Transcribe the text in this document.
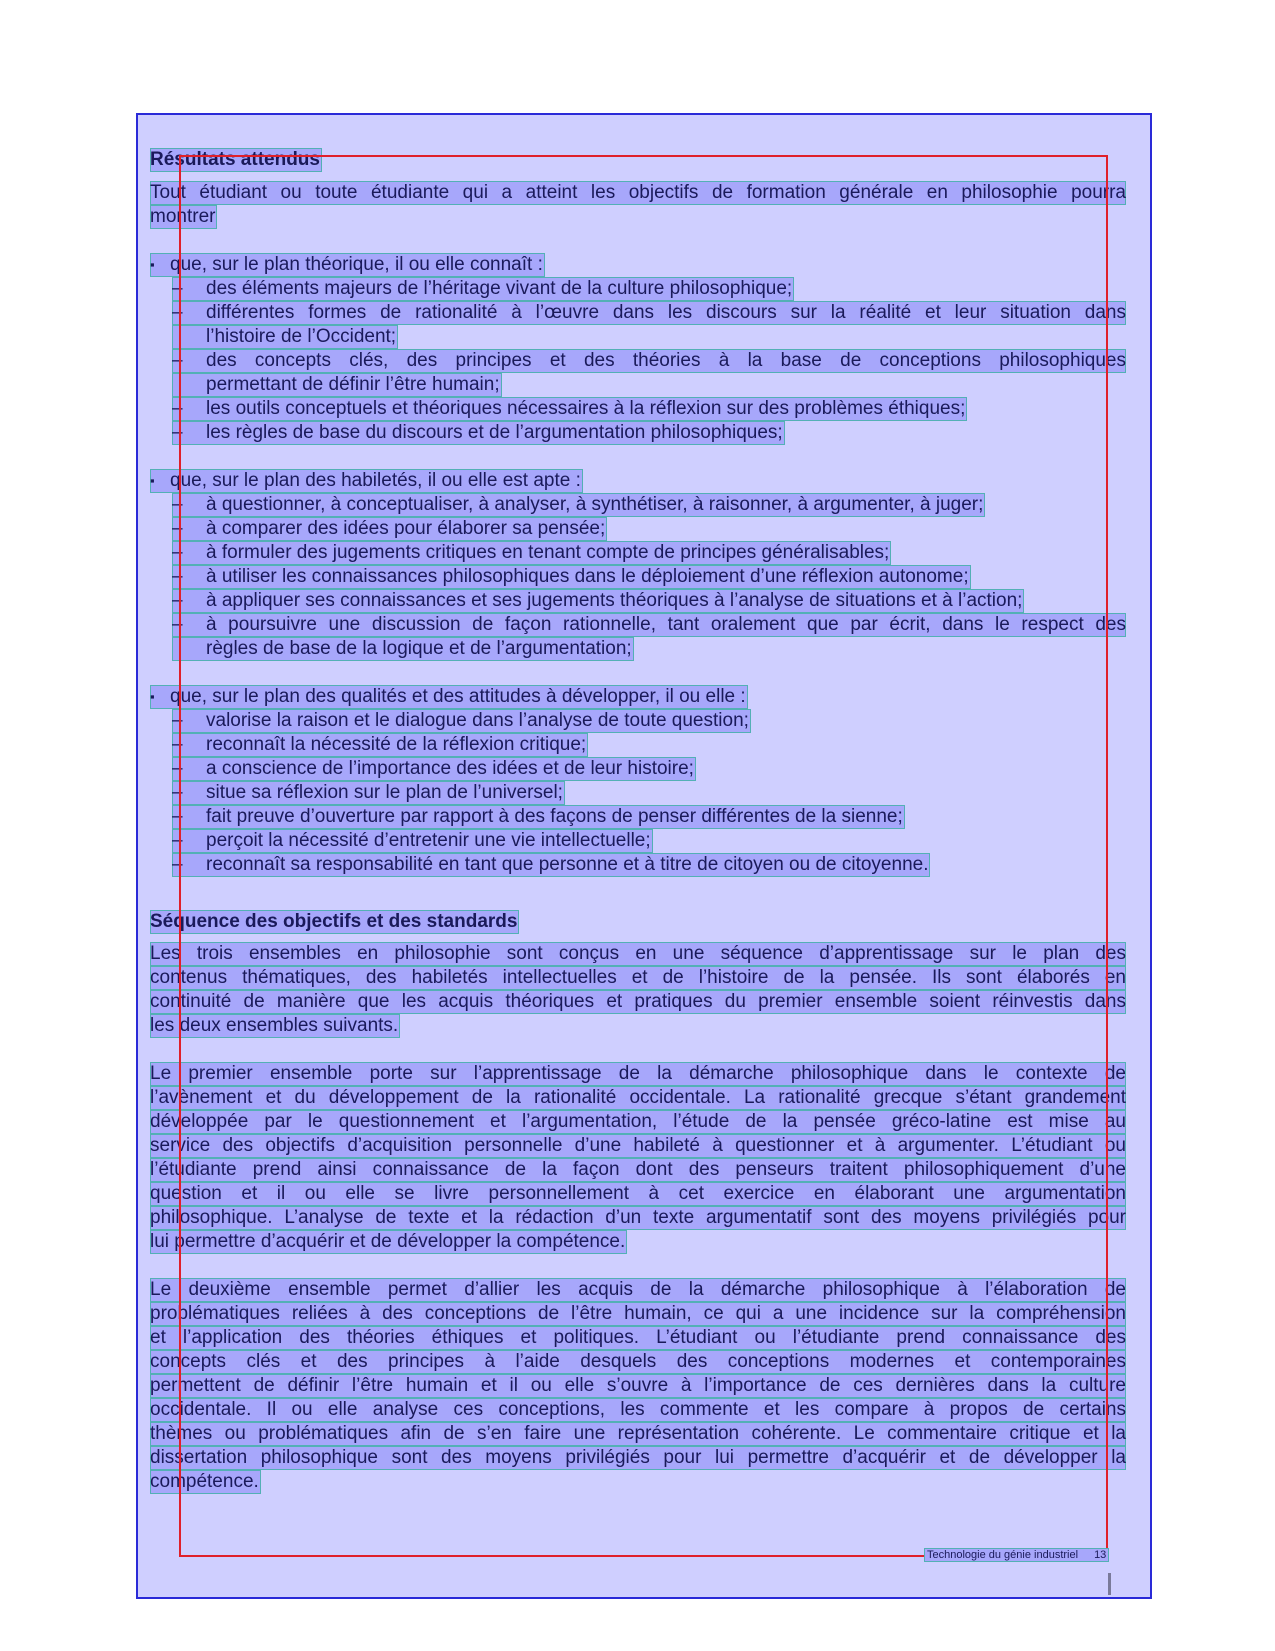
Résultats attendus
Tout étudiant ou toute étudiante qui a atteint les objectifs de formation générale en philosophie pourra
montrer
▪ que, sur le plan théorique, il ou elle connaît :
–	des éléments majeurs de l’héritage vivant de la culture philosophique;
–	différentes formes de rationalité à l’œuvre dans les discours sur la réalité et leur situation dans
l’histoire de l’Occident;
–	des concepts clés, des principes et des théories à la base de conceptions philosophiques
permettant de définir l’être humain;
–	les outils conceptuels et théoriques nécessaires à la réflexion sur des problèmes éthiques;
–	les règles de base du discours et de l’argumentation philosophiques;
▪ que, sur le plan des habiletés, il ou elle est apte :
–	à questionner, à conceptualiser, à analyser, à synthétiser, à raisonner, à argumenter, à juger;
–	à comparer des idées pour élaborer sa pensée;
–	à formuler des jugements critiques en tenant compte de principes généralisables;
–	à utiliser les connaissances philosophiques dans le déploiement d’une réflexion autonome;
–	à appliquer ses connaissances et ses jugements théoriques à l’analyse de situations et à l’action;
–	à poursuivre une discussion de façon rationnelle, tant oralement que par écrit, dans le respect des
règles de base de la logique et de l’argumentation;
▪ que, sur le plan des qualités et des attitudes à développer, il ou elle :
–	valorise la raison et le dialogue dans l’analyse de toute question;
–	reconnaît la nécessité de la réflexion critique;
–	a conscience de l’importance des idées et de leur histoire;
–	situe sa réflexion sur le plan de l’universel;
–	fait preuve d’ouverture par rapport à des façons de penser différentes de la sienne;
–	perçoit la nécessité d’entretenir une vie intellectuelle;
–	reconnaît sa responsabilité en tant que personne et à titre de citoyen ou de citoyenne.
Séquence des objectifs et des standards
Les trois ensembles en philosophie sont conçus en une séquence d’apprentissage sur le plan des
contenus thématiques, des habiletés intellectuelles et de l’histoire de la pensée. Ils sont élaborés en
continuité de manière que les acquis théoriques et pratiques du premier ensemble soient réinvestis dans
les deux ensembles suivants.
Le premier ensemble porte sur l’apprentissage de la démarche philosophique dans le contexte de
l’avènement et du développement de la rationalité occidentale. La rationalité grecque s’étant grandement
développée par le questionnement et l’argumentation, l’étude de la pensée gréco-latine est mise au
service des objectifs d’acquisition personnelle d’une habileté à questionner et à argumenter. L’étudiant ou
l’étudiante prend ainsi connaissance de la façon dont des penseurs traitent philosophiquement d’une
question et il ou elle se livre personnellement à cet exercice en élaborant une argumentation
philosophique. L’analyse de texte et la rédaction d’un texte argumentatif sont des moyens privilégiés pour
lui permettre d’acquérir et de développer la compétence.
Le deuxième ensemble permet d’allier les acquis de la démarche philosophique à l’élaboration de
problématiques reliées à des conceptions de l’être humain, ce qui a une incidence sur la compréhension
et l’application des théories éthiques et politiques. L’étudiant ou l’étudiante prend connaissance des
concepts clés et des principes à l’aide desquels des conceptions modernes et contemporaines
permettent de définir l’être humain et il ou elle s’ouvre à l’importance de ces dernières dans la culture
occidentale. Il ou elle analyse ces conceptions, les commente et les compare à propos de certains
thèmes ou problématiques afin de s’en faire une représentation cohérente. Le commentaire critique et la
dissertation philosophique sont des moyens privilégiés pour lui permettre d’acquérir et de développer la
compétence.
Technologie du génie industriel 13
